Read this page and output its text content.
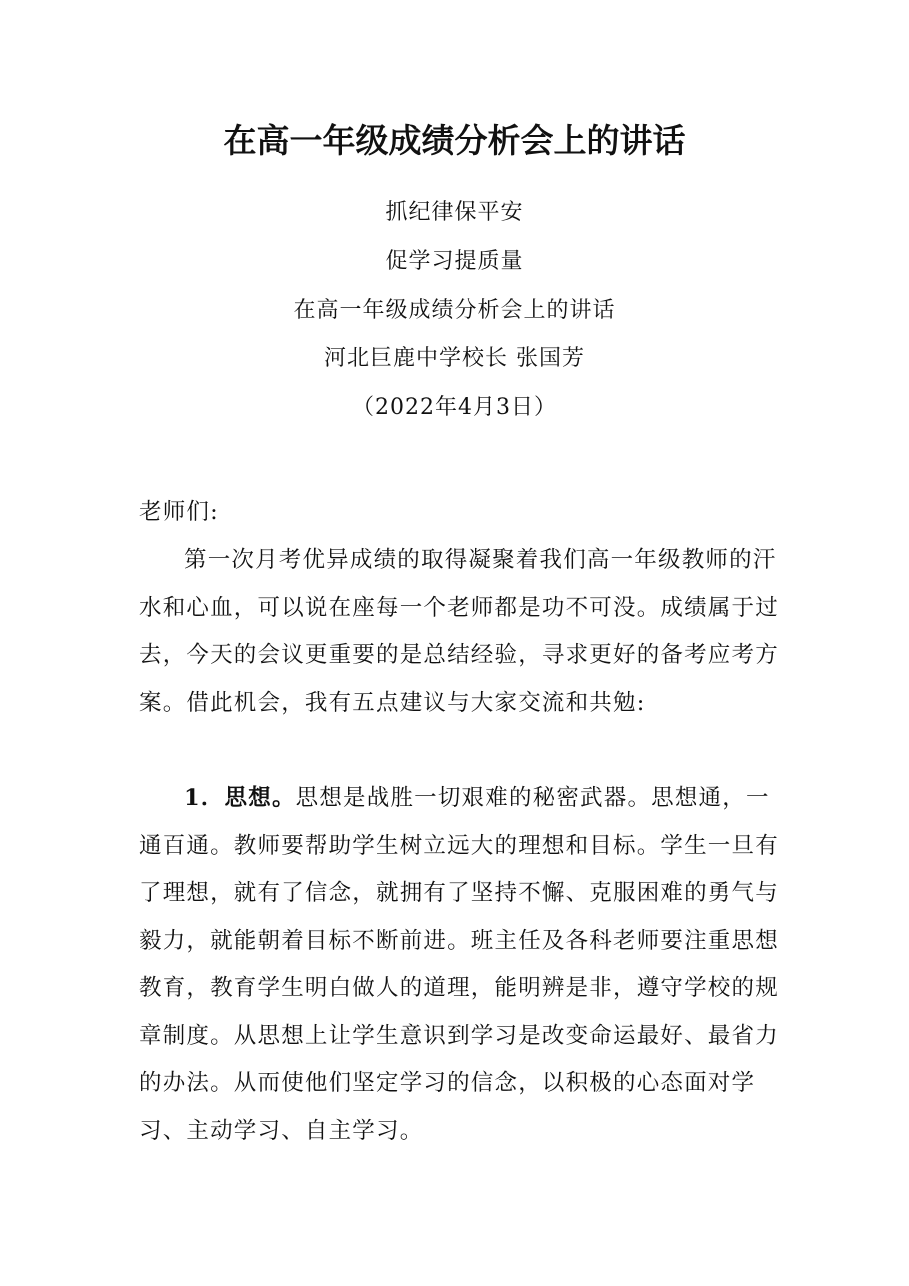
在高一年级成绩分析会上的讲话
抓纪律保平安
促学习提质量
在高一年级成绩分析会上的讲话
河北巨鹿中学校长 张国芳
（2022年4月3日）
老师们:
第一次月考优异成绩的取得凝聚着我们高一年级教师的汗水和心血，可以说在座每一个老师都是功不可没。成绩属于过去，今天的会议更重要的是总结经验，寻求更好的备考应考方案。借此机会，我有五点建议与大家交流和共勉:
1．思想。思想是战胜一切艰难的秘密武器。思想通，一通百通。教师要帮助学生树立远大的理想和目标。学生一旦有了理想，就有了信念，就拥有了坚持不懈、克服困难的勇气与毅力，就能朝着目标不断前进。班主任及各科老师要注重思想教育，教育学生明白做人的道理，能明辨是非，遵守学校的规章制度。从思想上让学生意识到学习是改变命运最好、最省力的办法。从而使他们坚定学习的信念，以积极的心态面对学习、主动学习、自主学习。
